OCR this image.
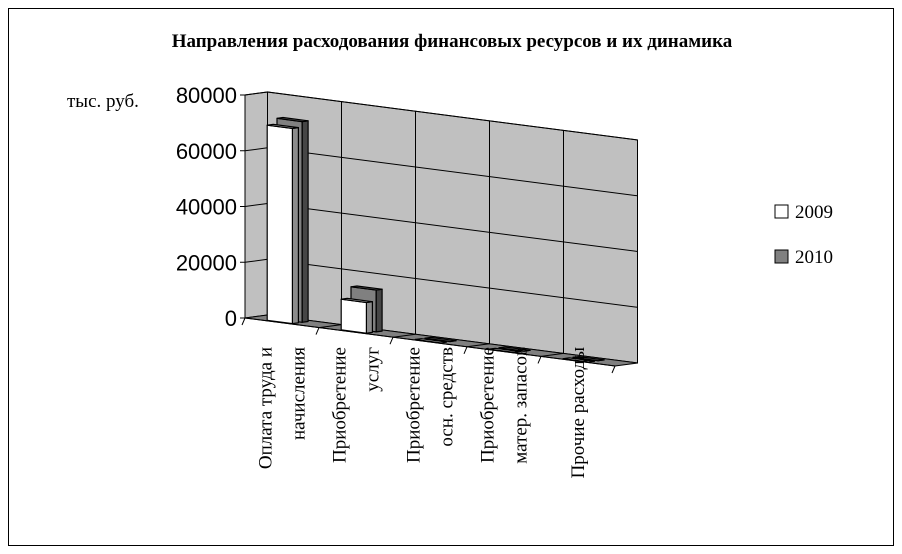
0
20000
40000
60000
80000
Оплата труда и начисления Приобретение услуг Приобретение осн. средств Приобретение матер. запасов Прочие расходы
2009
2010
Направления расходования финансовых ресурсов и их динамика
тыс. руб.
